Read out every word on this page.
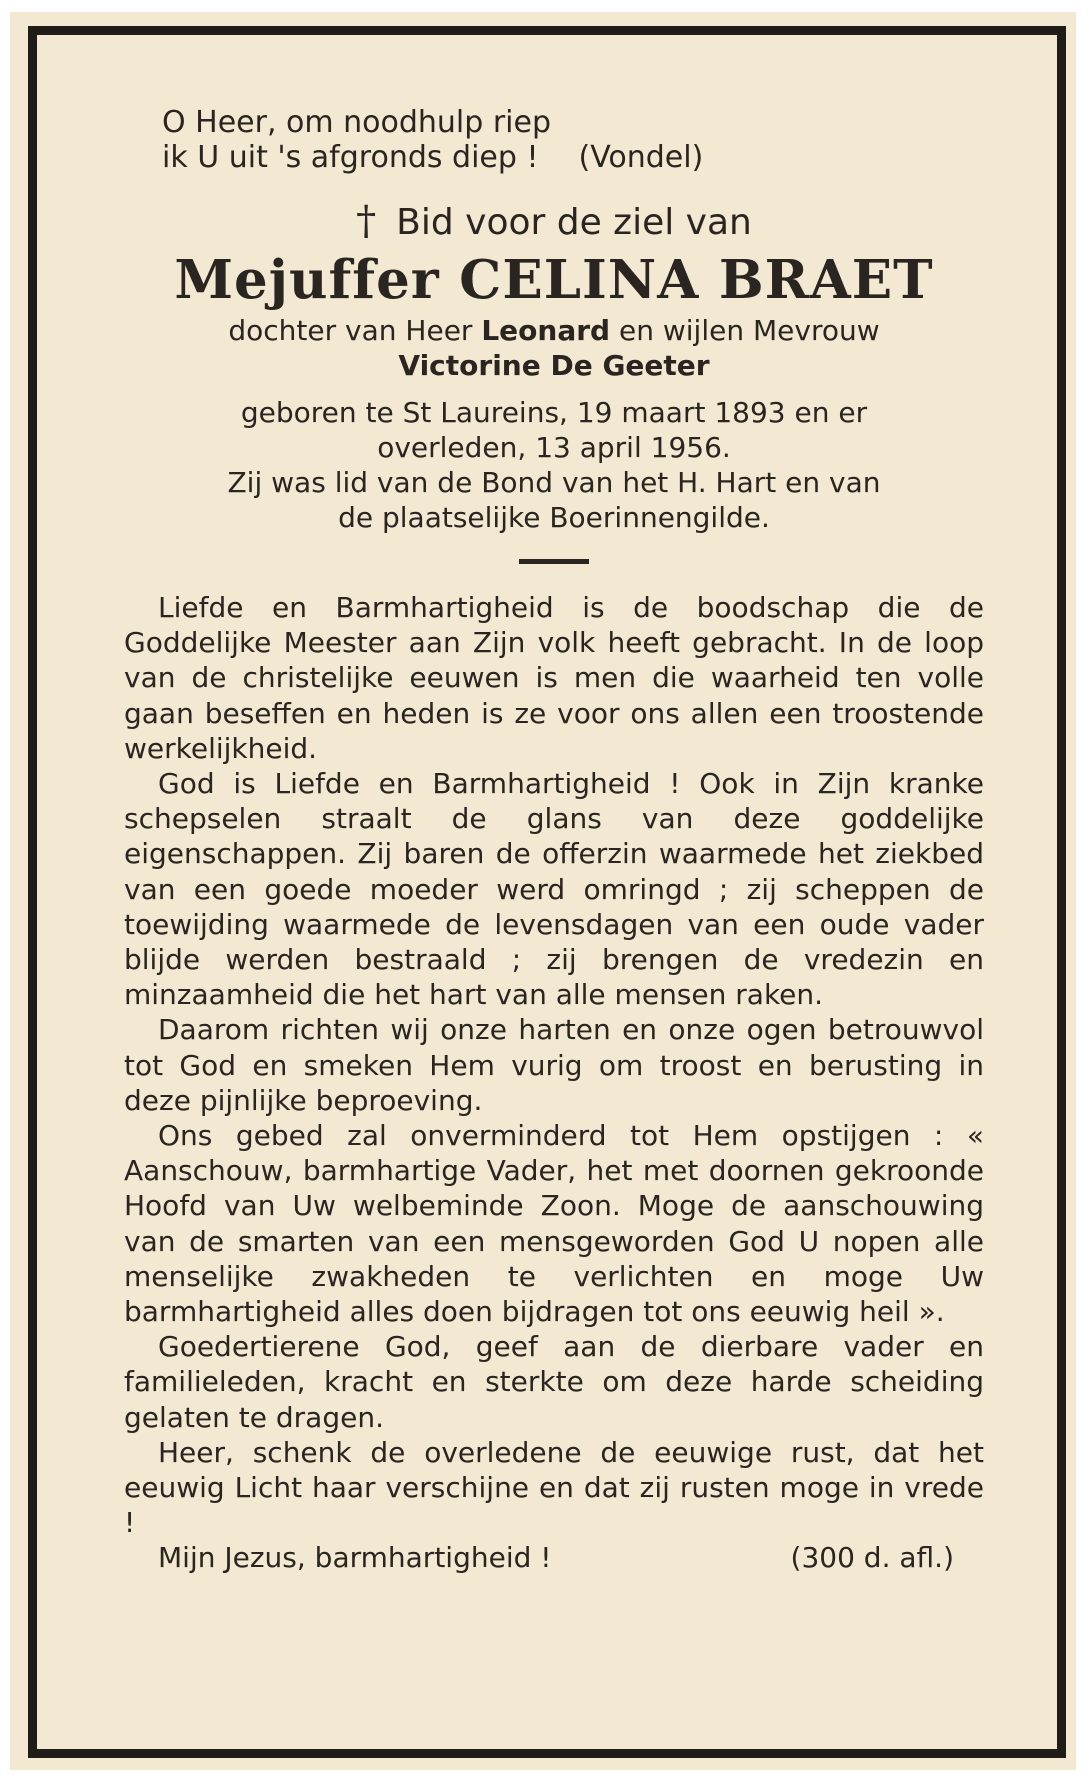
O Heer, om noodhulp riep
ik U uit 's afgronds diep ! (Vondel)
† Bid voor de ziel van
Mejuffer CELINA BRAET
dochter van Heer Leonard en wijlen Mevrouw
Victorine De Geeter
geboren te St Laureins, 19 maart 1893 en er
overleden, 13 april 1956.
Zij was lid van de Bond van het H. Hart en van
de plaatselijke Boerinnengilde.
Liefde en Barmhartigheid is de boodschap die de Goddelijke Meester aan Zijn volk heeft gebracht. In de loop van de christelijke eeuwen is men die waarheid ten volle gaan beseffen en heden is ze voor ons allen een troostende werkelijkheid.
God is Liefde en Barmhartigheid ! Ook in Zijn kranke schepselen straalt de glans van deze goddelijke eigenschappen. Zij baren de offerzin waarmede het ziekbed van een goede moeder werd omringd ; zij scheppen de toewijding waarmede de levensdagen van een oude vader blijde werden bestraald ; zij brengen de vredezin en minzaamheid die het hart van alle mensen raken.
Daarom richten wij onze harten en onze ogen betrouwvol tot God en smeken Hem vurig om troost en berusting in deze pijnlijke beproeving.
Ons gebed zal onverminderd tot Hem opstijgen : « Aanschouw, barmhartige Vader, het met doornen gekroonde Hoofd van Uw welbeminde Zoon. Moge de aanschouwing van de smarten van een mensgeworden God U nopen alle menselijke zwakheden te verlichten en moge Uw barmhartigheid alles doen bijdragen tot ons eeuwig heil ».
Goedertierene God, geef aan de dierbare vader en familieleden, kracht en sterkte om deze harde scheiding gelaten te dragen.
Heer, schenk de overledene de eeuwige rust, dat het eeuwig Licht haar verschijne en dat zij rusten moge in vrede !
Mijn Jezus, barmhartigheid !	(300 d. afl.)
